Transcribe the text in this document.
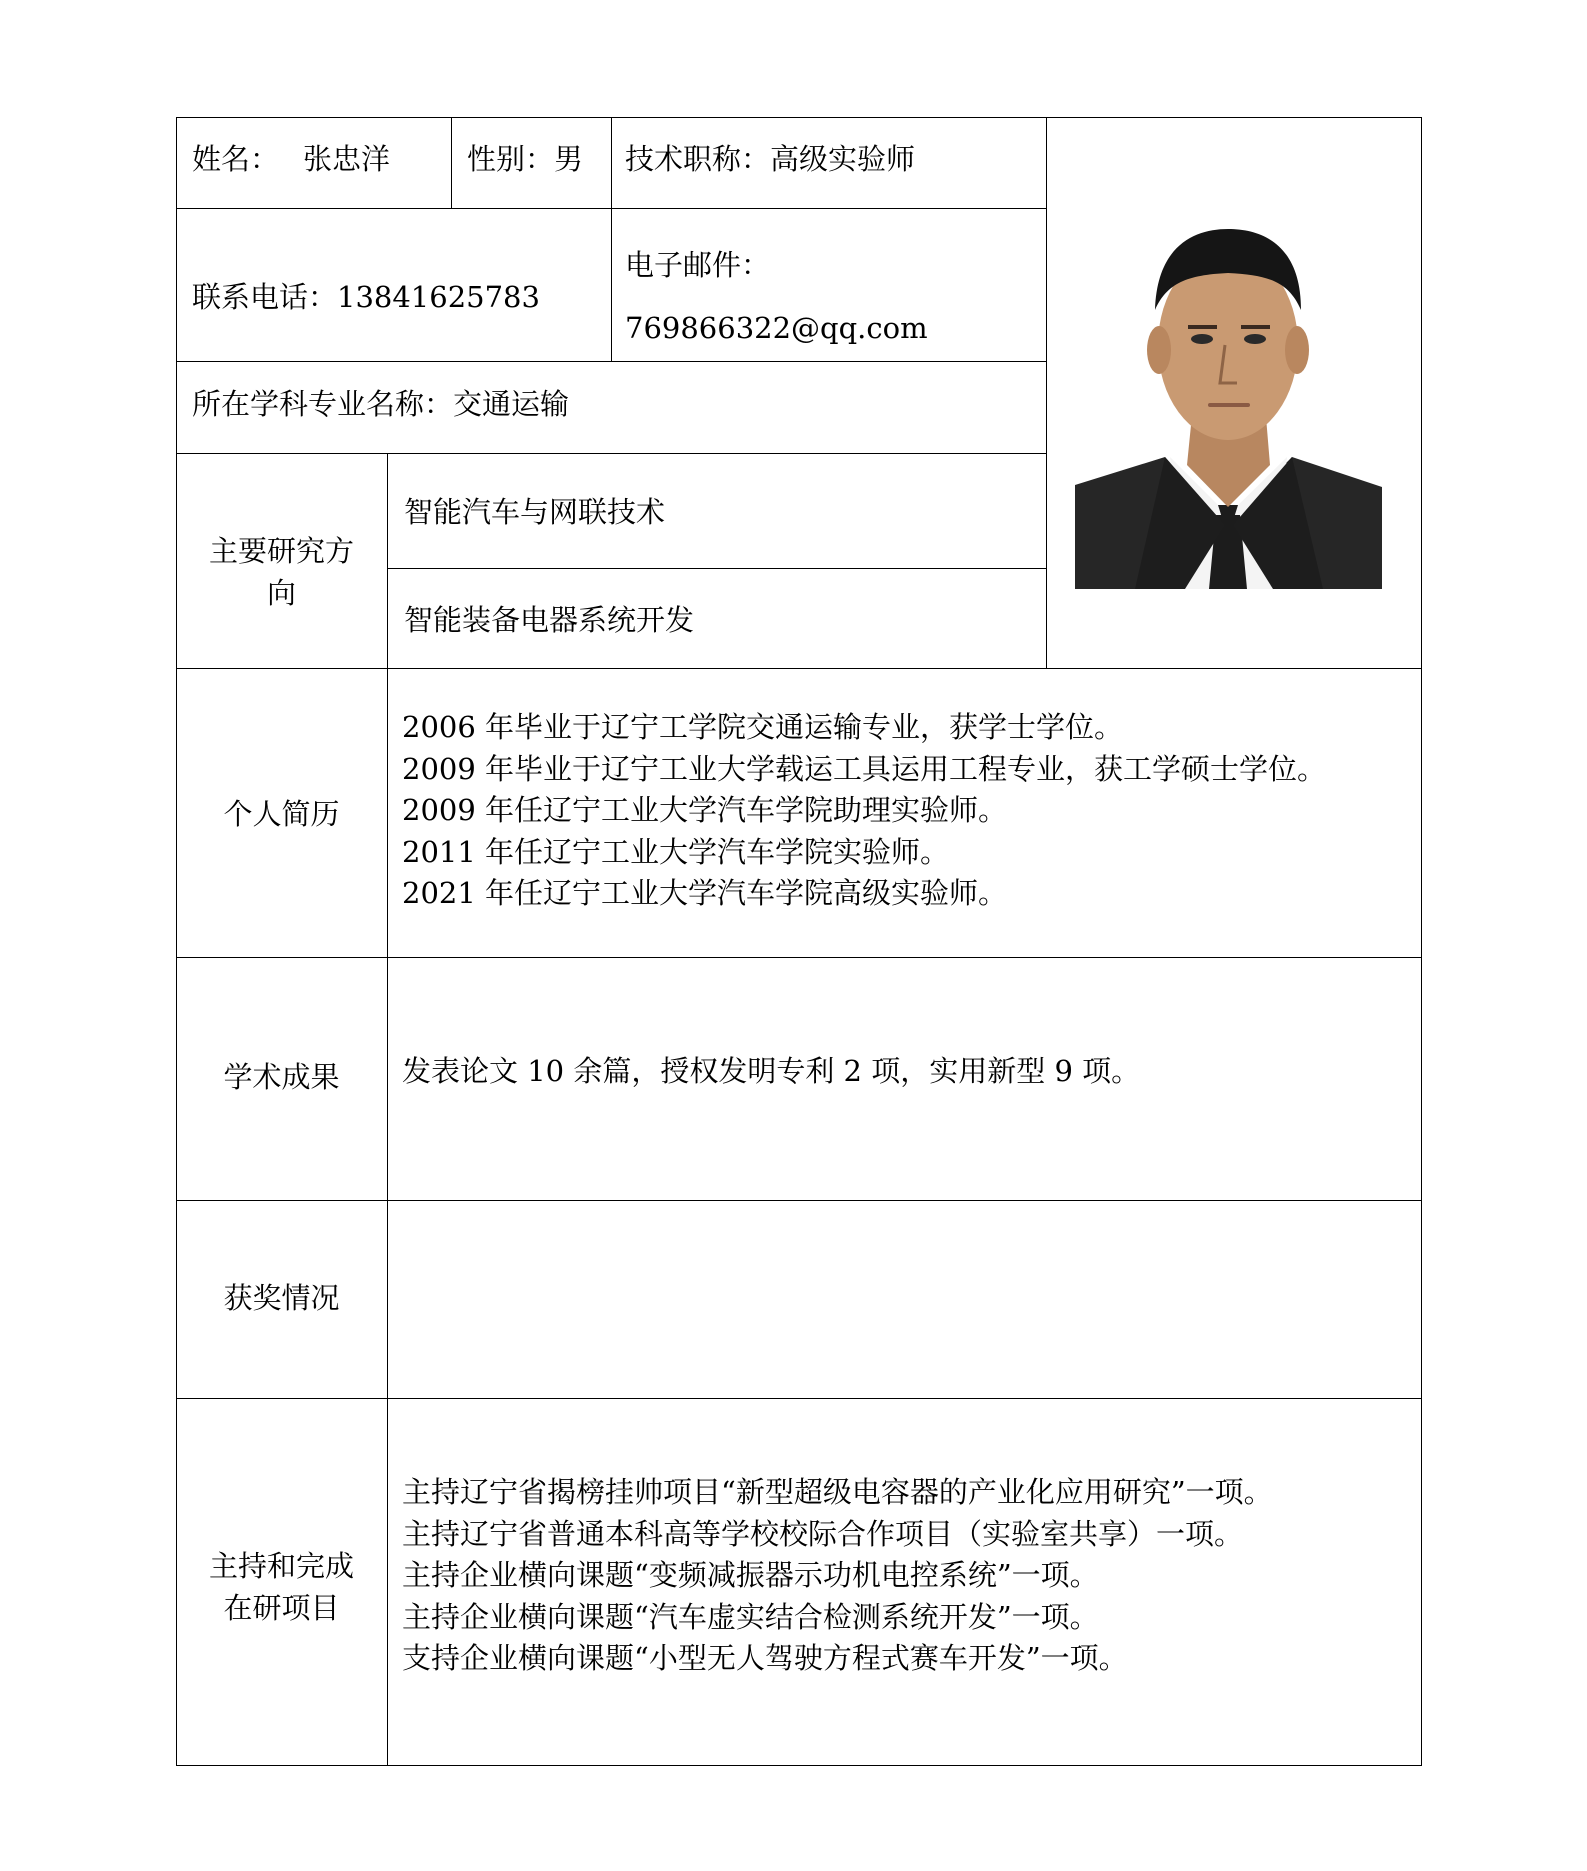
姓名： 张忠洋	性别：男 技术职称：高级实验师
联系电话：13841625783
电子邮件：
769866322@qq.com
所在学科专业名称：交通运输
主要研究方
向
智能汽车与网联技术
智能装备电器系统开发
个人简历
2006 年毕业于辽宁工学院交通运输专业，获学士学位。
2009 年毕业于辽宁工业大学载运工具运用工程专业，获工学硕士学位。
2009 年任辽宁工业大学汽车学院助理实验师。
2011 年任辽宁工业大学汽车学院实验师。
2021 年任辽宁工业大学汽车学院高级实验师。
学术成果	发表论文 10 余篇，授权发明专利 2 项，实用新型 9 项。
获奖情况
主持和完成
在研项目
主持辽宁省揭榜挂帅项目“新型超级电容器的产业化应用研究”一项。
主持辽宁省普通本科高等学校校际合作项目（实验室共享）一项。
主持企业横向课题“变频减振器示功机电控系统”一项。
主持企业横向课题“汽车虚实结合检测系统开发”一项。
支持企业横向课题“小型无人驾驶方程式赛车开发”一项。
